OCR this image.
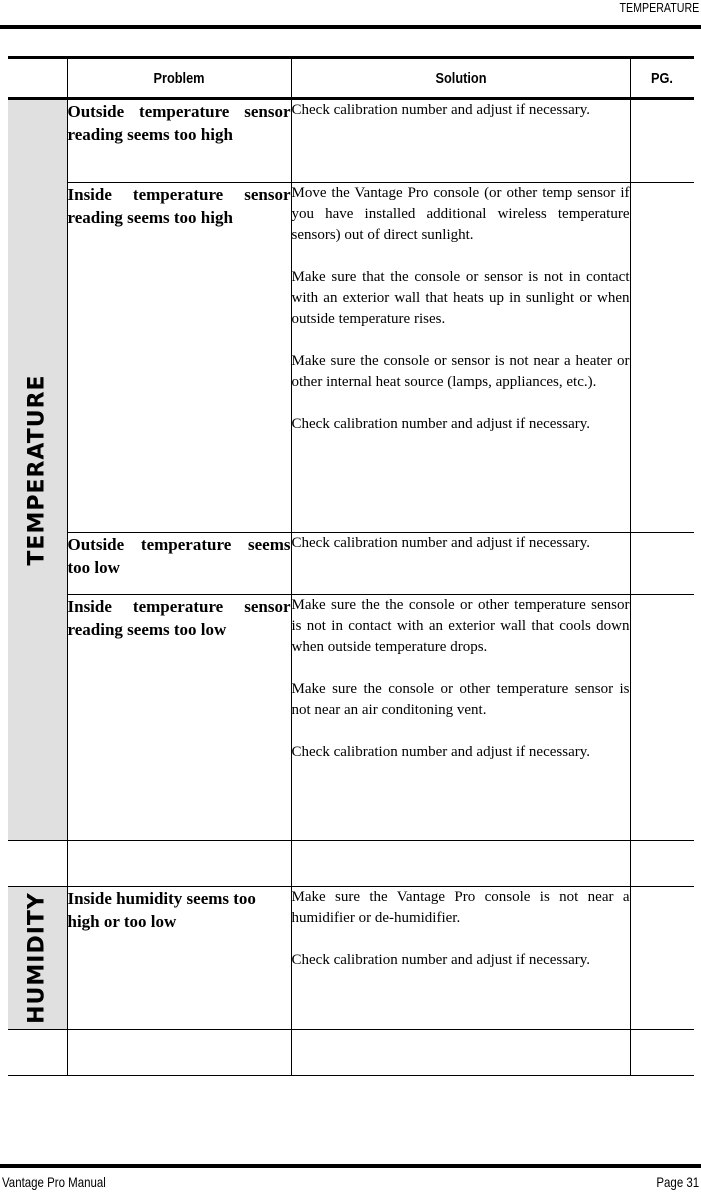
TEMPERATURE
	Problem	Solution	PG.

TEMPERATURE	Outside temperature sensor reading seems too high	Check calibration number and adjust if necessary.	

	Inside temperature sensor reading seems too high	Move the Vantage Pro console (or other temp sensor if you have installed additional wireless temperature sensors) out of direct sunlight.

Make sure that the console or sensor is not in contact with an exterior wall that heats up in sunlight or when outside temperature rises.

Make sure the console or sensor is not near a heater or other internal heat source (lamps, appliances, etc.).

Check calibration number and adjust if necessary.	

	Outside temperature seems too low	Check calibration number and adjust if necessary.	

	Inside temperature sensor reading seems too low	Make sure the the console or other temperature sensor is not in contact with an exterior wall that cools down when outside temperature drops.

Make sure the console or other temperature sensor is not near an air conditoning vent.

Check calibration number and adjust if necessary.	

HUMIDITY	Inside humidity seems too high or too low	Make sure the Vantage Pro console is not near a humidifier or de-humidifier.

Check calibration number and adjust if necessary.	

Vantage Pro Manual	Page 31
